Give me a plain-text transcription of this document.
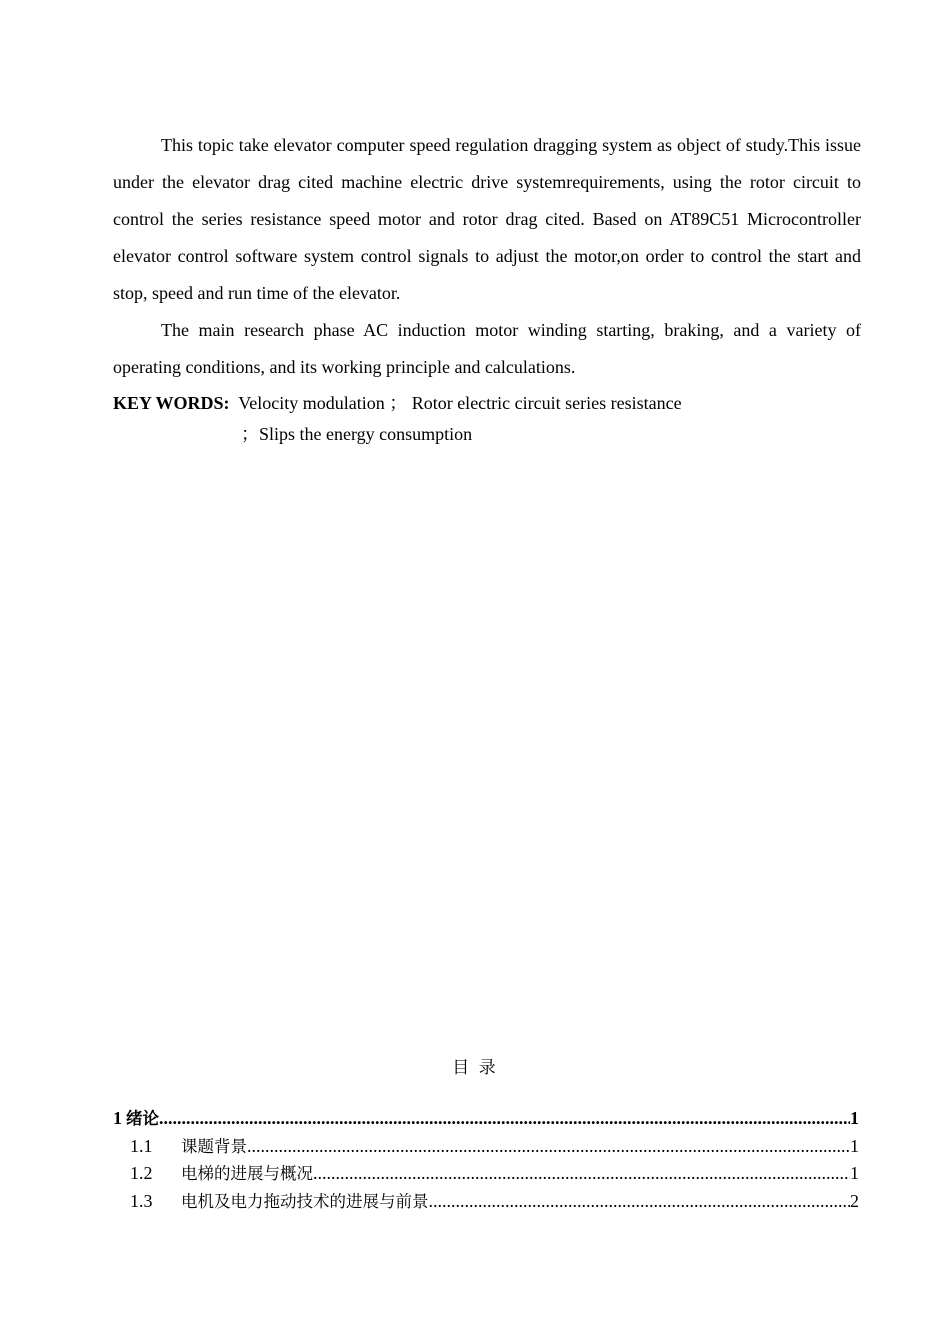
This topic take elevator computer speed regulation dragging system as object of study.This issue under the elevator drag cited machine electric drive systemrequirements, using the rotor circuit to control the series resistance speed motor and rotor drag cited. Based on AT89C51 Microcontroller elevator control software system control signals to adjust the motor,on order to control the start and stop, speed and run time of the elevator.

The main research phase AC induction motor winding starting, braking, and a variety of operating conditions, and its working principle and calculations.

KEY WORDS: Velocity modulation ； Rotor electric circuit series resistance
；Slips the energy consumption
目 录
1 绪论 .....	1
1.1	课题背景 .....	1
1.2	电梯的进展与概况 .....	1
1.3	电机及电力拖动技术的进展与前景 .....	2
